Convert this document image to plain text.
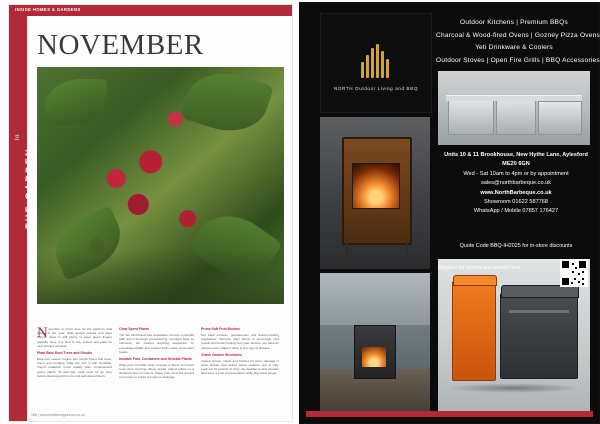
INSIDE HOMES & GARDENS
THE GARDEN...
In
NOVEMBER
N ovember is prime time for the garden's final dance of the year. With growth slowed and days shorter, there is still plenty to keep green fingers gainfully busy. It is time to tidy, protect and plant for next spring's success.

Plant Bare-Root Trees and Shrubs

Bare-root season begins this month. Plant fruit trees, roses and hedging while the soil is still workable. They'll establish more readily than containerised grown plants. To add bite, soak roots for an hour before planting and firm the soil well around them.

Clear Spent Plants

You can still lift and sow vegetables: remove a plentiful path and a thorough overwintering. Compost beds by mid-level, but cleared anything deepened. To encourage wildlife and support birds, leave some seed heads.

Insulate Pots, Containers and Delicate Plants

Wrap pots in bubble wrap, hessian or fleece to protect roots from freezing. Move tender potted plants to a sheltered spot or indoors. Raise pots off of the ground on pot feet or bricks to improve drainage.

Prune Soft Fruit Bushes

Cut back currants, gooseberries and autumn-fruiting raspberries. Remove older stems to encourage new growth and better fruiting next year. Ensure you have an obvious open shape if there is any sign of disease.

Check Garden Structures

Inspect fences, sheds and trellises for storm damage or wear. Repair now before winter weather sets in fully. Look out for periods of crisp, dry weather to give wooden structures a coat of preservative while they have longer.

186 | www.insidemagazines.co.uk
NORTH Outdoor Living and BBQ
Outdoor Kitchens | Premium BBQs
Charcoal & Wood-fired Ovens | Gozney Pizza Ovens
Yeti Drinkware & Coolers
Outdoor Stoves | Open Fire Grills | BBQ Accessories
Units 10 & 11 Brookhouse, New Hythe Lane, Aylesford
ME20 6GN
Wed - Sat 10am to 4pm or by appointment
sales@northbarbeque.co.uk
www.NorthBarbeque.co.uk
Showroom 01622 587768
WhatsApp / Mobile 07857 176427
Quote Code BBQ-IH2025 for in-store discounts
Register for demos and events here
